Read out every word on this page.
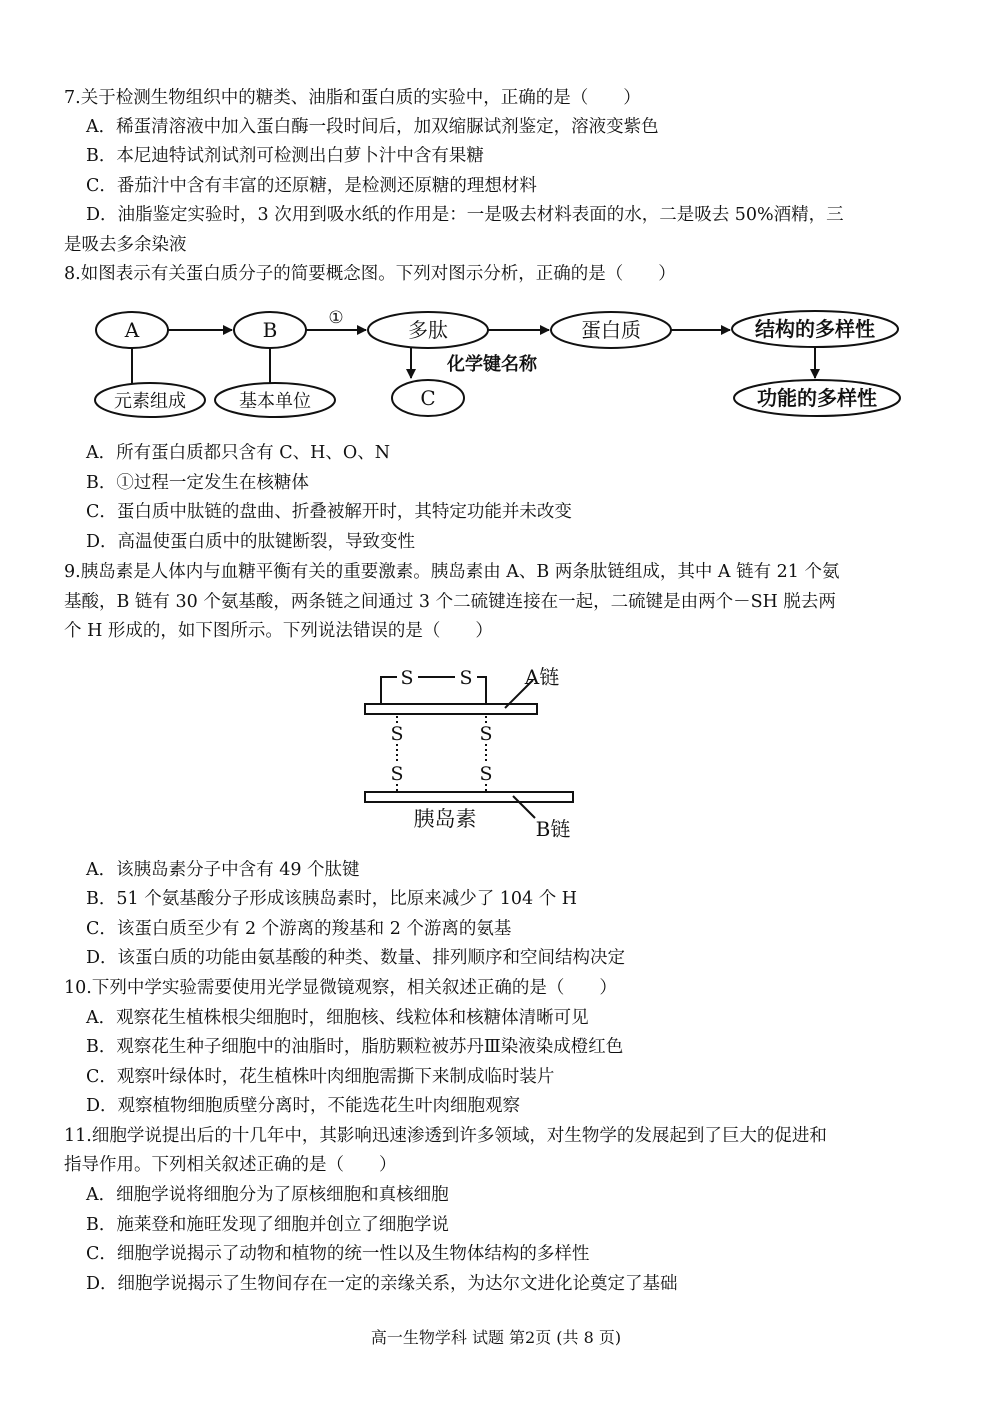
7.关于检测生物组织中的糖类、油脂和蛋白质的实验中，正确的是（　　）
A．稀蛋清溶液中加入蛋白酶一段时间后，加双缩脲试剂鉴定，溶液变紫色
B．本尼迪特试剂试剂可检测出白萝卜汁中含有果糖
C．番茄汁中含有丰富的还原糖，是检测还原糖的理想材料
D．油脂鉴定实验时，3 次用到吸水纸的作用是：一是吸去材料表面的水，二是吸去 50%酒精，三
是吸去多余染液
8.如图表示有关蛋白质分子的简要概念图。下列对图示分析，正确的是（　　）
A	B	①	多肽	蛋白质	结构的多样性
化学键名称
C
元素组成	基本单位	功能的多样性
A．所有蛋白质都只含有 C、H、O、N
B．①过程一定发生在核糖体
C．蛋白质中肽链的盘曲、折叠被解开时，其特定功能并未改变
D．高温使蛋白质中的肽键断裂，导致变性
9.胰岛素是人体内与血糖平衡有关的重要激素。胰岛素由 A、B 两条肽链组成，其中 A 链有 21 个氨
基酸，B 链有 30 个氨基酸，两条链之间通过 3 个二硫键连接在一起，二硫键是由两个－SH 脱去两
个 H 形成的，如下图所示。下列说法错误的是（　　）
S S
S
S
S
S
A链
胰岛素	B链
A．该胰岛素分子中含有 49 个肽键
B．51 个氨基酸分子形成该胰岛素时，比原来减少了 104 个 H
C．该蛋白质至少有 2 个游离的羧基和 2 个游离的氨基
D．该蛋白质的功能由氨基酸的种类、数量、排列顺序和空间结构决定
10.下列中学实验需要使用光学显微镜观察，相关叙述正确的是（　　）
A．观察花生植株根尖细胞时，细胞核、线粒体和核糖体清晰可见
B．观察花生种子细胞中的油脂时，脂肪颗粒被苏丹Ⅲ染液染成橙红色
C．观察叶绿体时，花生植株叶肉细胞需撕下来制成临时装片
D．观察植物细胞质壁分离时，不能选花生叶肉细胞观察
11.细胞学说提出后的十几年中，其影响迅速渗透到许多领域，对生物学的发展起到了巨大的促进和
指导作用。下列相关叙述正确的是（　　）
A．细胞学说将细胞分为了原核细胞和真核细胞
B．施莱登和施旺发现了细胞并创立了细胞学说
C．细胞学说揭示了动物和植物的统一性以及生物体结构的多样性
D．细胞学说揭示了生物间存在一定的亲缘关系，为达尔文进化论奠定了基础
高一生物学科 试题 第2页 (共 8 页)
